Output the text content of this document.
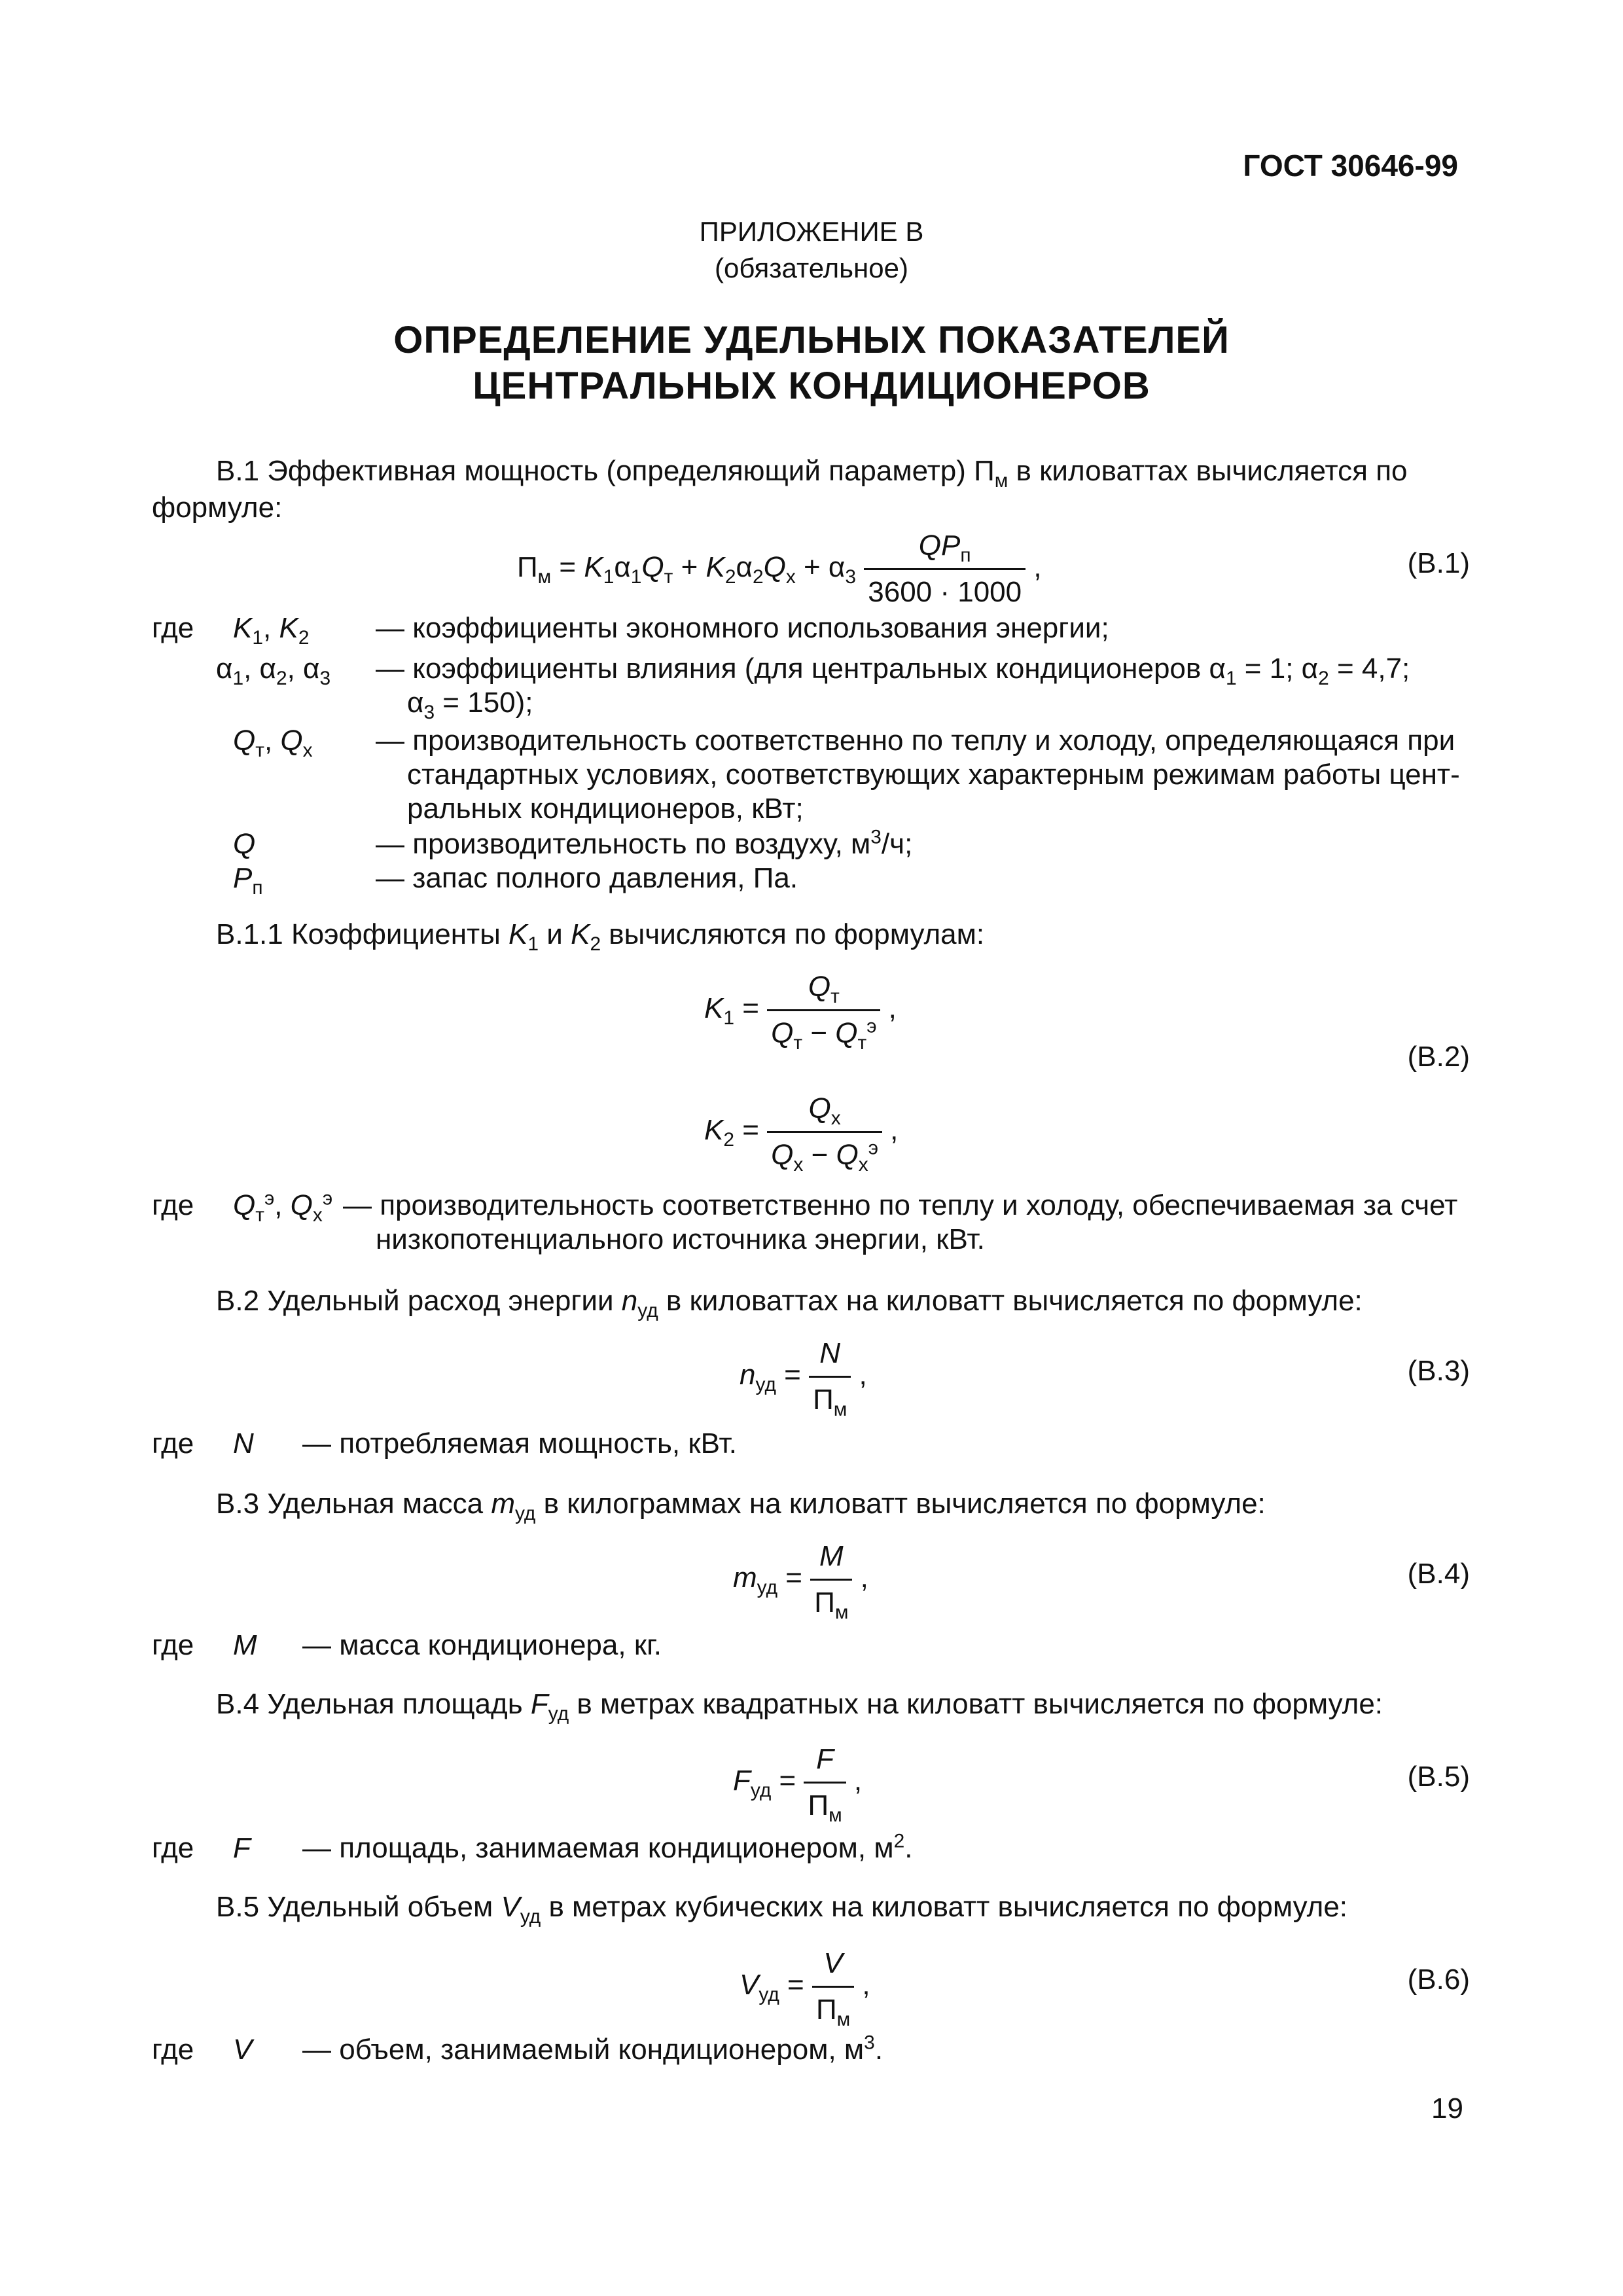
ГОСТ 30646-99
ПРИЛОЖЕНИЕ В
(обязательное)
ОПРЕДЕЛЕНИЕ УДЕЛЬНЫХ ПОКАЗАТЕЛЕЙ
ЦЕНТРАЛЬНЫХ КОНДИЦИОНЕРОВ
В.1 Эффективная мощность (определяющий параметр) $П_м$ в киловаттах вычисляется по
формуле:
$П_м = K_1\alpha_1Q_т + K_2\alpha_2Q_х + \alpha_3 \frac{QP_п}{3600 \cdot 1000}$ ,	(В.1)
где $K_1$, $K_2$ — коэффициенты экономного использования энергии;
$\alpha_1$, $\alpha_2$, $\alpha_3$ — коэффициенты влияния (для центральных кондиционеров $\alpha_1 = 1$; $\alpha_2 = 4,7$;
$\alpha_3 = 150$);
$Q_т$, $Q_х$ — производительность соответственно по теплу и холоду, определяющаяся при
стандартных условиях, соответствующих характерным режимам работы цент-
ральных кондиционеров, кВт;
Q	— производительность по воздуху, $м^3/ч$;
$P_п$	— запас полного давления, Па.
В.1.1 Коэффициенты $K_1$ и $K_2$ вычисляются по формулам:
$K_1 = \frac{Q_т}{Q_т - Q_т^э}$ ,
$K_2 = \frac{Q_х}{Q_х - Q_х^э}$ ,
(В.2)
где $Q_т^э$, $Q_х^э$ — производительность соответственно по теплу и холоду, обеспечиваемая за счет
низкопотенциального источника энергии, кВт.
В.2 Удельный расход энергии $n_{уд}$ в киловаттах на киловатт вычисляется по формуле:
$n_{уд} = \frac{N}{П_м}$ ,	(В.3)
где N — потребляемая мощность, кВт.
В.3 Удельная масса $m_{уд}$ в килограммах на киловатт вычисляется по формуле:
$m_{уд} = \frac{M}{П_м}$ ,	(В.4)
где M — масса кондиционера, кг.
В.4 Удельная площадь $F_{уд}$ в метрах квадратных на киловатт вычисляется по формуле:
$F_{уд} = \frac{F}{П_м}$ ,	(В.5)
где F — площадь, занимаемая кондиционером, $м^2$.
В.5 Удельный объем $V_{уд}$ в метрах кубических на киловатт вычисляется по формуле:
$V_{уд} = \frac{V}{П_м}$ ,	(В.6)
где V — объем, занимаемый кондиционером, $м^3$.
19
